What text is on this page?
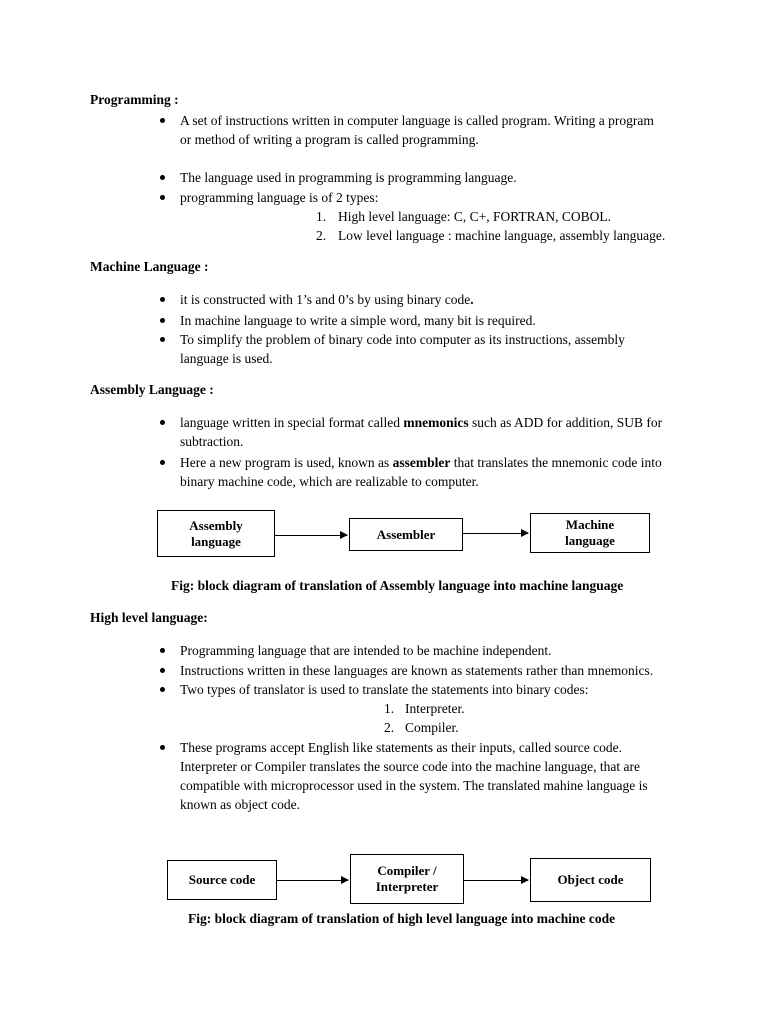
Programming :
A set of instructions written in computer language is called program. Writing a program
or method of writing a program is called programming.
The language used in programming is programming language.
programming language is of 2 types:
1. High level language: C, C+, FORTRAN, COBOL.
2. Low level language : machine language, assembly language.
Machine Language :
it is constructed with 1’s and 0’s by using binary code.
In machine language to write a simple word, many bit is required.
To simplify the problem of binary code into computer as its instructions, assembly
language is used.
Assembly Language :
language written in special format called mnemonics such as ADD for addition, SUB for
subtraction.
Here a new program is used, known as assembler that translates the mnemonic code into
binary machine code, which are realizable to computer.
Assembly
language	Assembler
Machine
language
Fig: block diagram of translation of Assembly language into machine language
High level language:
Programming language that are intended to be machine independent.
Instructions written in these languages are known as statements rather than mnemonics.
Two types of translator is used to translate the statements into binary codes:
1. Interpreter.
2. Compiler.
These programs accept English like statements as their inputs, called source code.
Interpreter or Compiler translates the source code into the machine language, that are
compatible with microprocessor used in the system. The translated mahine language is
known as object code.
Source code
Compiler /
Interpreter	Object code
Fig: block diagram of translation of high level language into machine code
